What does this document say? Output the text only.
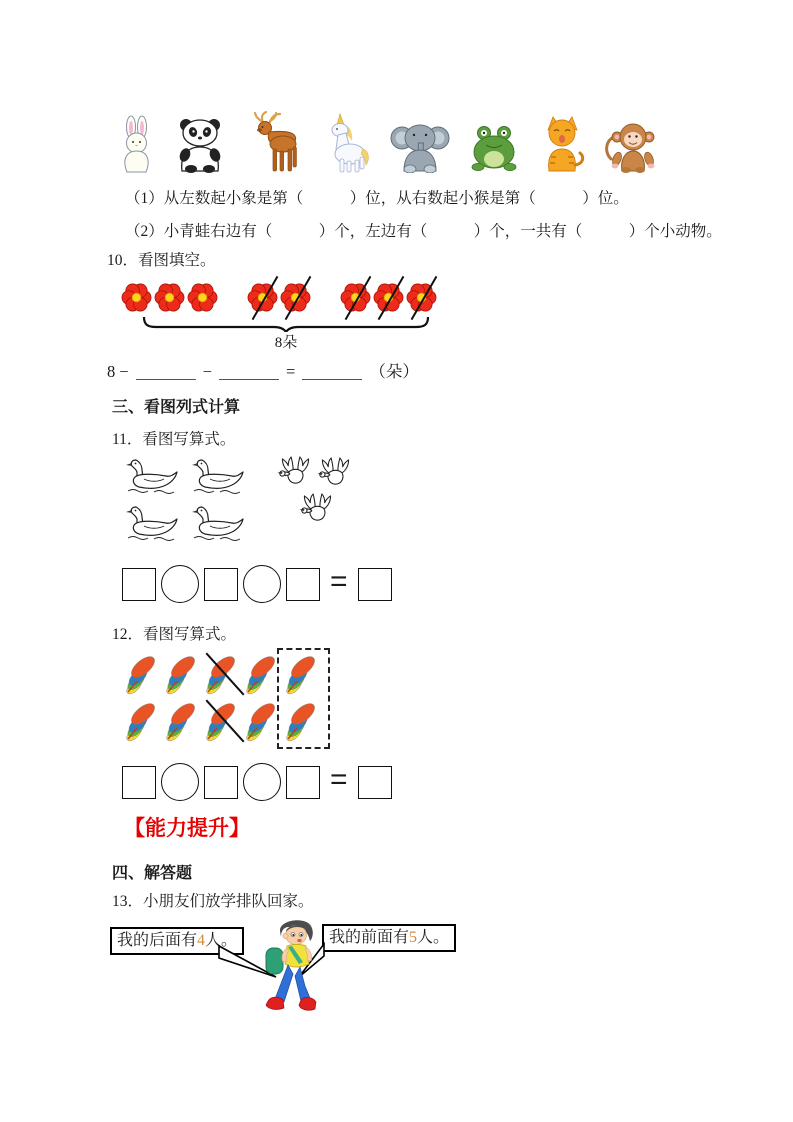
（1）从左数起小象是第（　　　）位，从右数起小猴是第（　　　）位。
（2）小青蛙右边有（　　　）个，左边有（　　　）个，一共有（　　　）个小动物。
10．看图填空。
8朵
8 −	−	=	（朵）
三、看图列式计算
11．看图写算式。
=
12．看图写算式。
=
【能力提升】
四、解答题
13．小朋友们放学排队回家。
我的后面有4人。	我的前面有5人。
